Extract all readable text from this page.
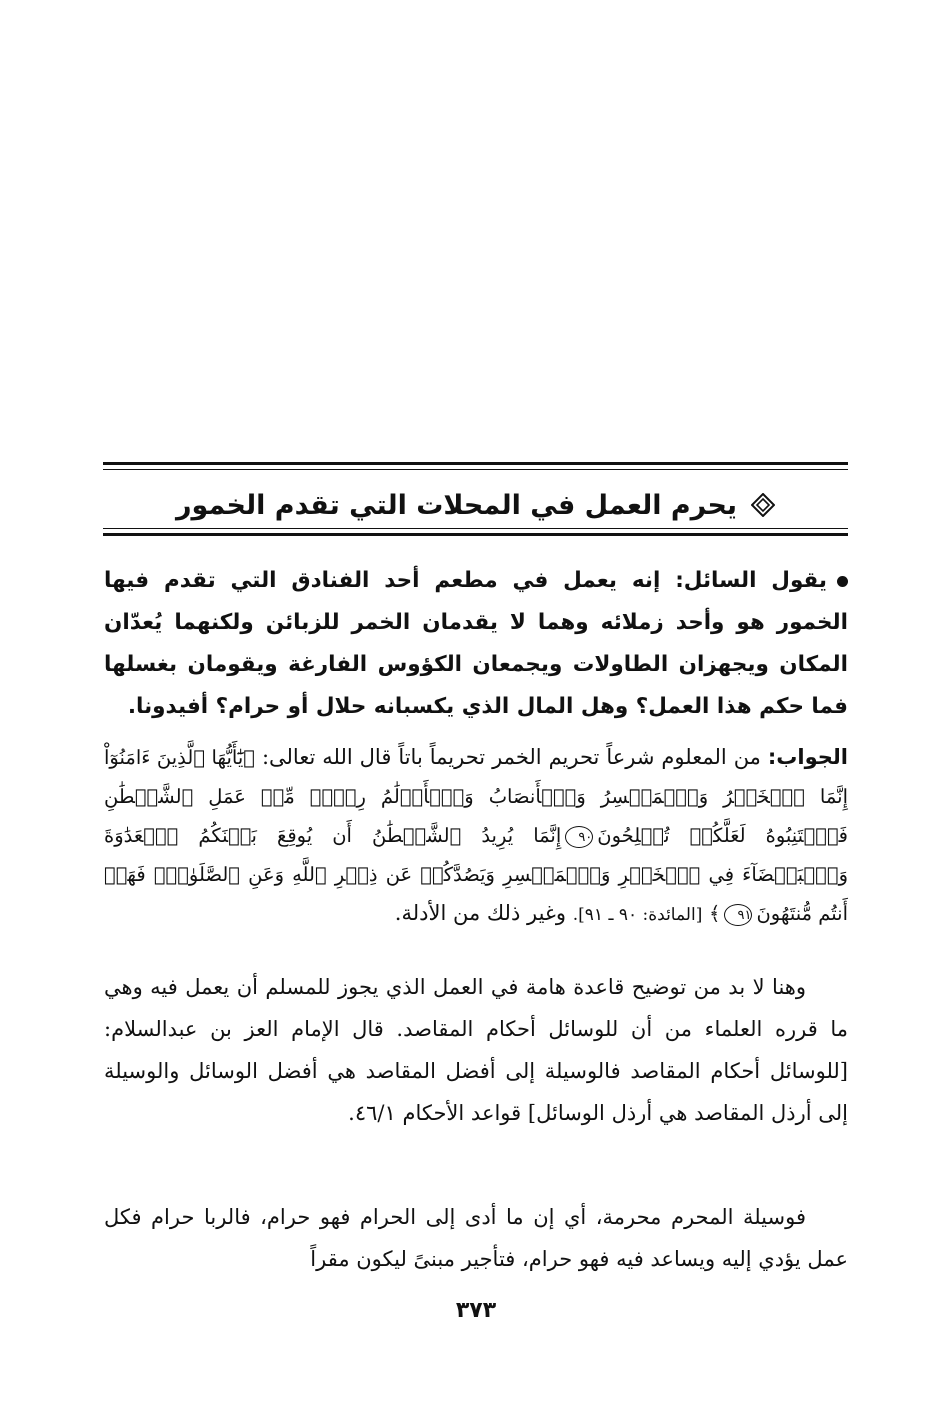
يحرم العمل في المحلات التي تقدم الخمور
يقول السائل: إنه يعمل في مطعم أحد الفنادق التي تقدم فيها الخمور هو وأحد زملائه وهما لا يقدمان الخمر للزبائن ولكنهما يُعدّان المكان ويجهزان الطاولات ويجمعان الكؤوس الفارغة ويقومان بغسلها فما حكم هذا العمل؟ وهل المال الذي يكسبانه حلال أو حرام؟ أفيدونا.
الجواب: من المعلوم شرعاً تحريم الخمر تحريماً باتاً قال الله تعالى: ﴿يَٰٓأَيُّهَا ٱلَّذِينَ ءَامَنُوٓاْ إِنَّمَا ٱلۡخَمۡرُ وَٱلۡمَيۡسِرُ وَٱلۡأَنصَابُ وَٱلۡأَزۡلَٰمُ رِجۡسٞ مِّنۡ عَمَلِ ٱلشَّيۡطَٰنِ فَٱجۡتَنِبُوهُ لَعَلَّكُمۡ تُفۡلِحُونَ٩٠إِنَّمَا يُرِيدُ ٱلشَّيۡطَٰنُ أَن يُوقِعَ بَيۡنَكُمُ ٱلۡعَدَٰوَةَ وَٱلۡبَغۡضَآءَ فِي ٱلۡخَمۡرِ وَٱلۡمَيۡسِرِ وَيَصُدَّكُمۡ عَن ذِكۡرِ ٱللَّهِ وَعَنِ ٱلصَّلَوٰةِۖ فَهَلۡ أَنتُم مُّنتَهُونَ٩١﴾ [المائدة: ٩٠ ـ ٩١]. وغير ذلك من الأدلة.
وهنا لا بد من توضيح قاعدة هامة في العمل الذي يجوز للمسلم أن يعمل فيه وهي ما قرره العلماء من أن للوسائل أحكام المقاصد. قال الإمام العز بن عبدالسلام: [للوسائل أحكام المقاصد فالوسيلة إلى أفضل المقاصد هي أفضل الوسائل والوسيلة إلى أرذل المقاصد هي أرذل الوسائل] قواعد الأحكام ٤٦/١.
فوسيلة المحرم محرمة، أي إن ما أدى إلى الحرام فهو حرام، فالربا حرام فكل عمل يؤدي إليه ويساعد فيه فهو حرام، فتأجير مبنىً ليكون مقراً
٣٧٣
